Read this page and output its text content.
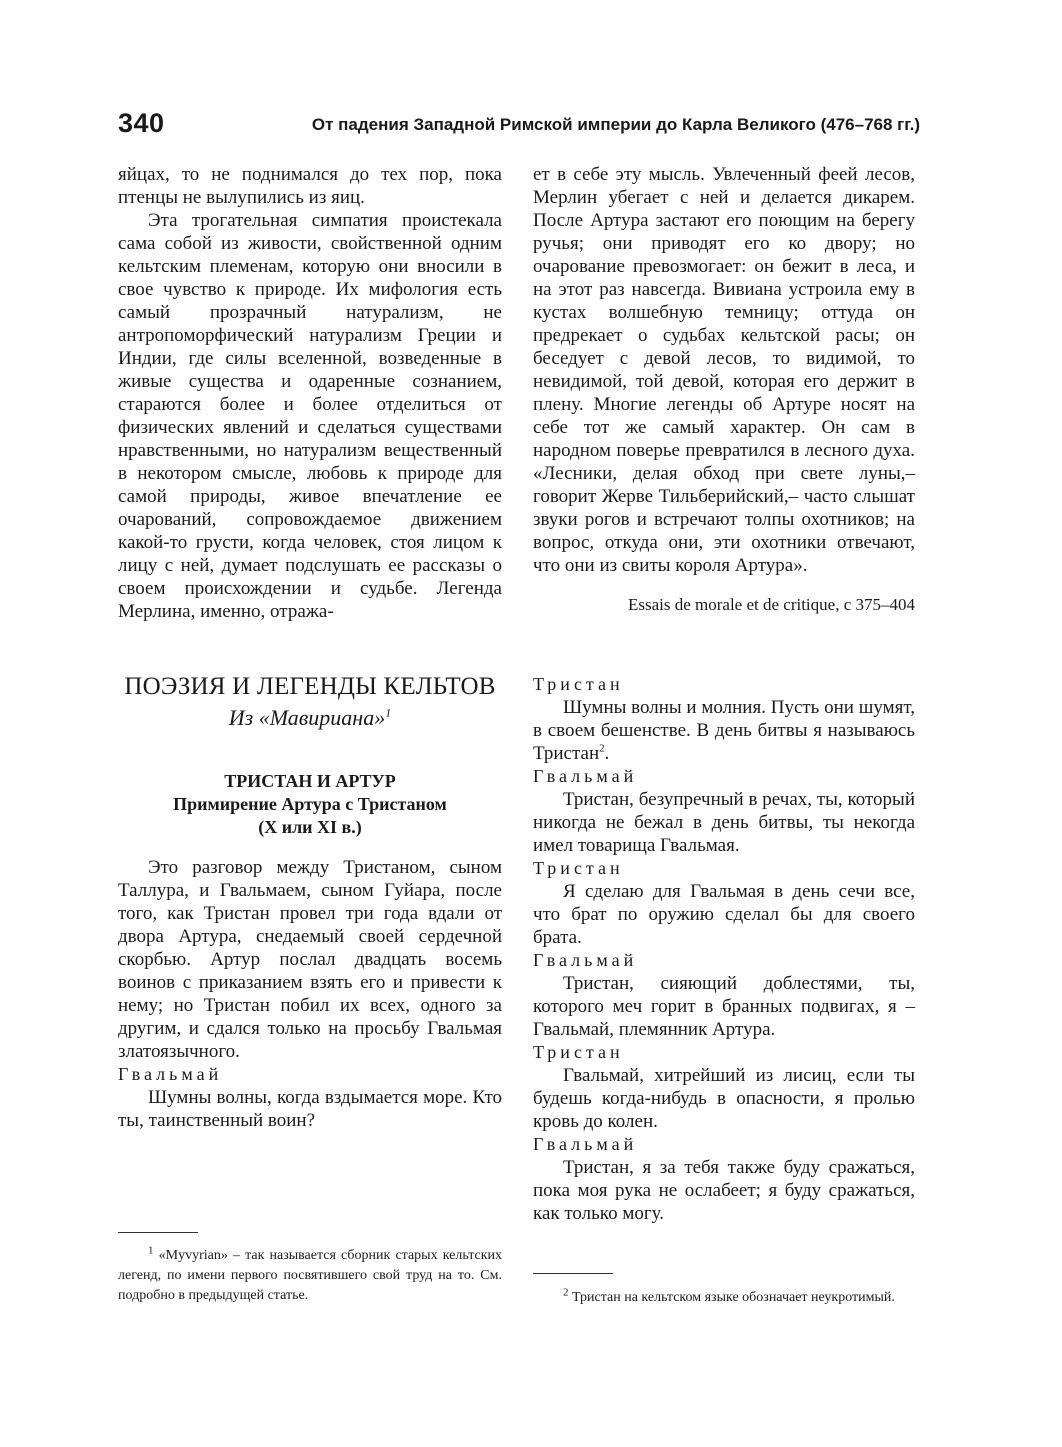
340	От падения Западной Римской империи до Карла Великого (476–768 гг.)

яйцах, то не поднимался до тех пор, пока птенцы не вылупились из яиц.

Эта трогательная симпатия проистекала сама собой из живости, свойственной одним кельтским племенам, которую они вносили в свое чувство к природе. Их мифология есть самый прозрачный натурализм, не антропоморфический натурализм Греции и Индии, где силы вселенной, возведенные в живые существа и одаренные сознанием, стараются более и более отделиться от физических явлений и сделаться существами нравственными, но натурализм вещественный в некотором смысле, любовь к природе для самой природы, живое впечатление ее очарований, сопровождаемое движением какой-то грусти, когда человек, стоя лицом к лицу с ней, думает подслушать ее рассказы о своем происхождении и судьбе. Легенда Мерлина, именно, отража-

ет в себе эту мысль. Увлеченный феей лесов, Мерлин убегает с ней и делается дикарем. После Артура застают его поющим на берегу ручья; они приводят его ко двору; но очарование превозмогает: он бежит в леса, и на этот раз навсегда. Вивиана устроила ему в кустах волшебную темницу; оттуда он предрекает о судьбах кельтской расы; он беседует с девой лесов, то видимой, то невидимой, той девой, которая его держит в плену. Многие легенды об Артуре носят на себе тот же самый характер. Он сам в народном поверье превратился в лесного духа. «Лесники, делая обход при свете луны,– говорит Жерве Тильберийский,– часто слышат звуки рогов и встречают толпы охотников; на вопрос, откуда они, эти охотники отвечают, что они из свиты короля Артура».

Essais de morale et de critique, c 375–404
ПОЭЗИЯ И ЛЕГЕНДЫ КЕЛЬТОВ
Из «Мавириана»$^1$
ТРИСТАН И АРТУР
Примирение Артура с Тристаном
(X или XI в.)

Это разговор между Тристаном, сыном Таллура, и Гвальмаем, сыном Гуйара, после того, как Тристан провел три года вдали от двора Артура, снедаемый своей сердечной скорбью. Артур послал двадцать восемь воинов с приказанием взять его и привести к нему; но Тристан побил их всех, одного за другим, и сдался только на просьбу Гвальмая златоязычного.

Гвальмай

Шумны волны, когда вздымается море. Кто ты, таинственный воин?

Тристан

Шумны волны и молния. Пусть они шумят, в своем бешенстве. В день битвы я называюсь Тристан$^2$.

Гвальмай

Тристан, безупречный в речах, ты, который никогда не бежал в день битвы, ты некогда имел товарища Гвальмая.

Тристан

Я сделаю для Гвальмая в день сечи все, что брат по оружию сделал бы для своего брата.

Гвальмай

Тристан, сияющий доблестями, ты, которого меч горит в бранных подвигах, я – Гвальмай, племянник Артура.

Тристан

Гвальмай, хитрейший из лисиц, если ты будешь когда-нибудь в опасности, я пролью кровь до колен.

Гвальмай

Тристан, я за тебя также буду сражаться, пока моя рука не ослабеет; я буду сражаться, как только могу.

$^1$ «Myvyrian» – так называется сборник старых кельтских легенд, по имени первого посвятившего свой труд на то. См. подробно в предыдущей статье.	$^2$ Тристан на кельтском языке обозначает неукротимый.
